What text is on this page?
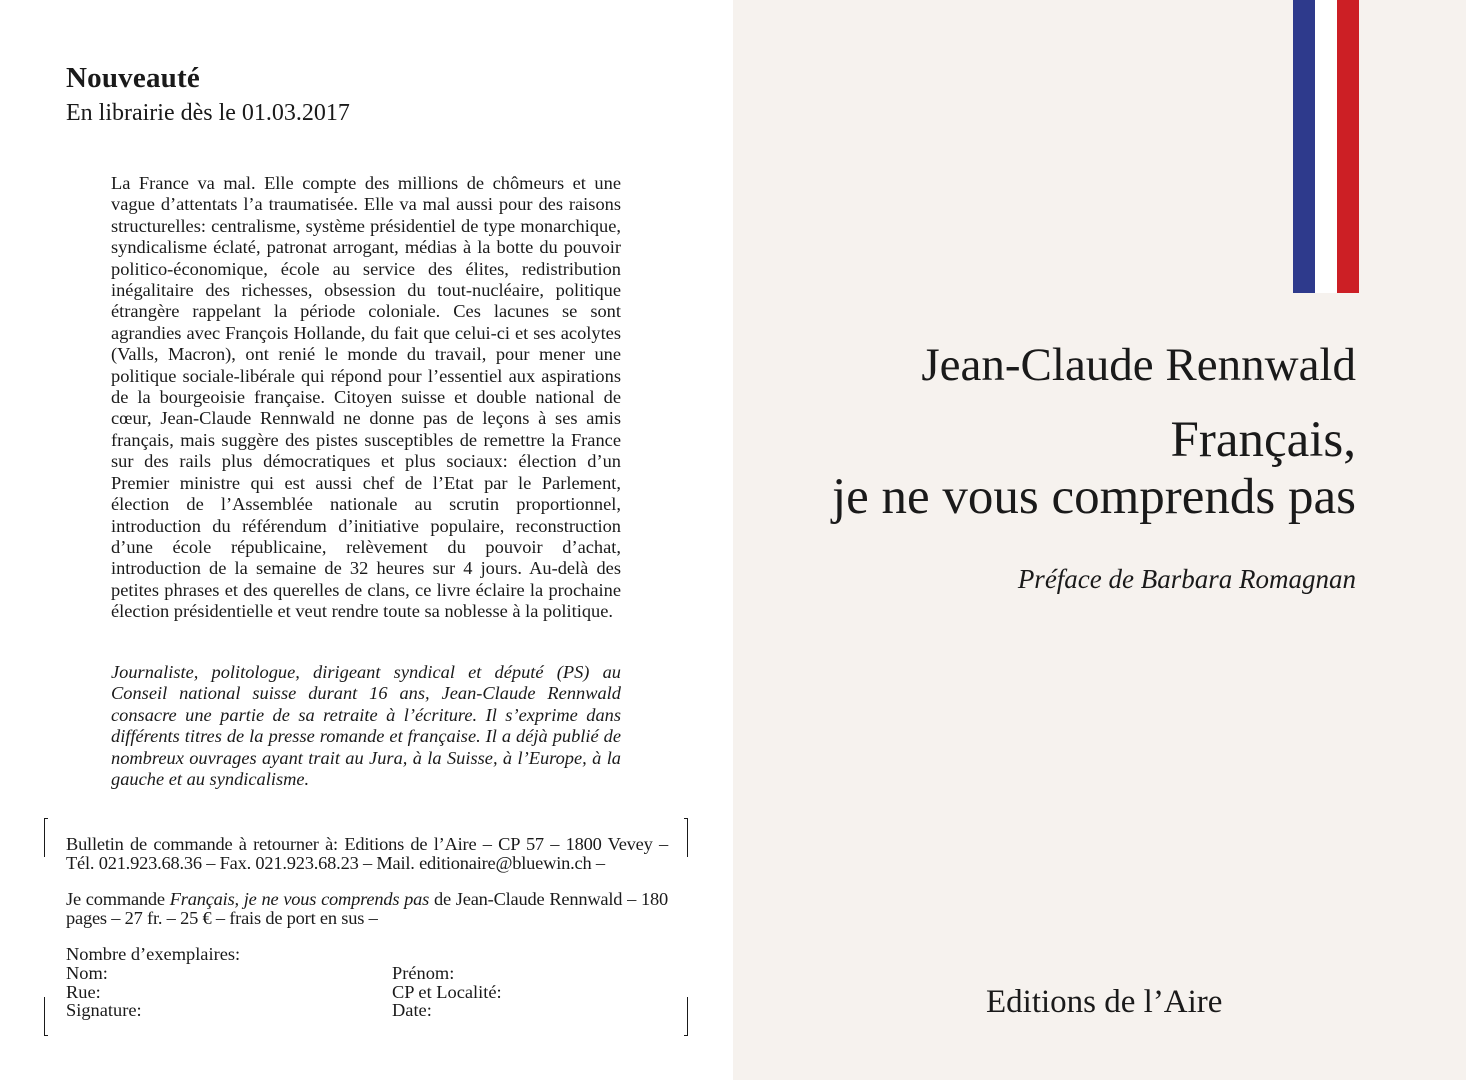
Nouveauté
En librairie dès le 01.03.2017

La France va mal. Elle compte des millions de chômeurs et une vague d’attentats l’a traumatisée. Elle va mal aussi pour des raisons structurelles: centralisme, système présidentiel de type monarchique, syndicalisme éclaté, patronat arrogant, médias à la botte du pouvoir politico-économique, école au service des élites, redistribution inégalitaire des richesses, obsession du tout-nucléaire, politique étrangère rappelant la période coloniale. Ces lacunes se sont agrandies avec François Hollande, du fait que celui-ci et ses acolytes (Valls, Macron), ont renié le monde du travail, pour mener une politique sociale-libérale qui répond pour l’essentiel aux aspirations de la bourgeoisie française. Citoyen suisse et double national de cœur, Jean-Claude Rennwald ne donne pas de leçons à ses amis français, mais suggère des pistes susceptibles de remettre la France sur des rails plus démocratiques et plus sociaux: élection d’un Premier ministre qui est aussi chef de l’Etat par le Parlement, élection de l’Assemblée nationale au scrutin proportionnel, introduction du référendum d’initiative populaire, reconstruction d’une école républicaine, relèvement du pouvoir d’achat, introduction de la semaine de 32 heures sur 4 jours. Au-delà des petites phrases et des querelles de clans, ce livre éclaire la prochaine élection présidentielle et veut rendre toute sa noblesse à la politique.

Journaliste, politologue, dirigeant syndical et député (PS) au Conseil national suisse durant 16 ans, Jean-Claude Rennwald consacre une partie de sa retraite à l’écriture. Il s’exprime dans différents titres de la presse romande et française. Il a déjà publié de nombreux ouvrages ayant trait au Jura, à la Suisse, à l’Europe, à la gauche et au syndicalisme.

Bulletin de commande à retourner à: Editions de l’Aire – CP 57 – 1800 Vevey – Tél. 021.923.68.36 – Fax. 021.923.68.23 – Mail. editionaire@bluewin.ch –
Je commande Français, je ne vous comprends pas de Jean-Claude Rennwald – 180 pages – 27 fr. – 25 € – frais de port en sus –
Nombre d’exemplaires:
Nom:
Rue:
Signature:
Prénom:
CP et Localité:
Date:
Jean-Claude Rennwald
Français,
je ne vous comprends pas
Préface de Barbara Romagnan
Editions de l’Aire
